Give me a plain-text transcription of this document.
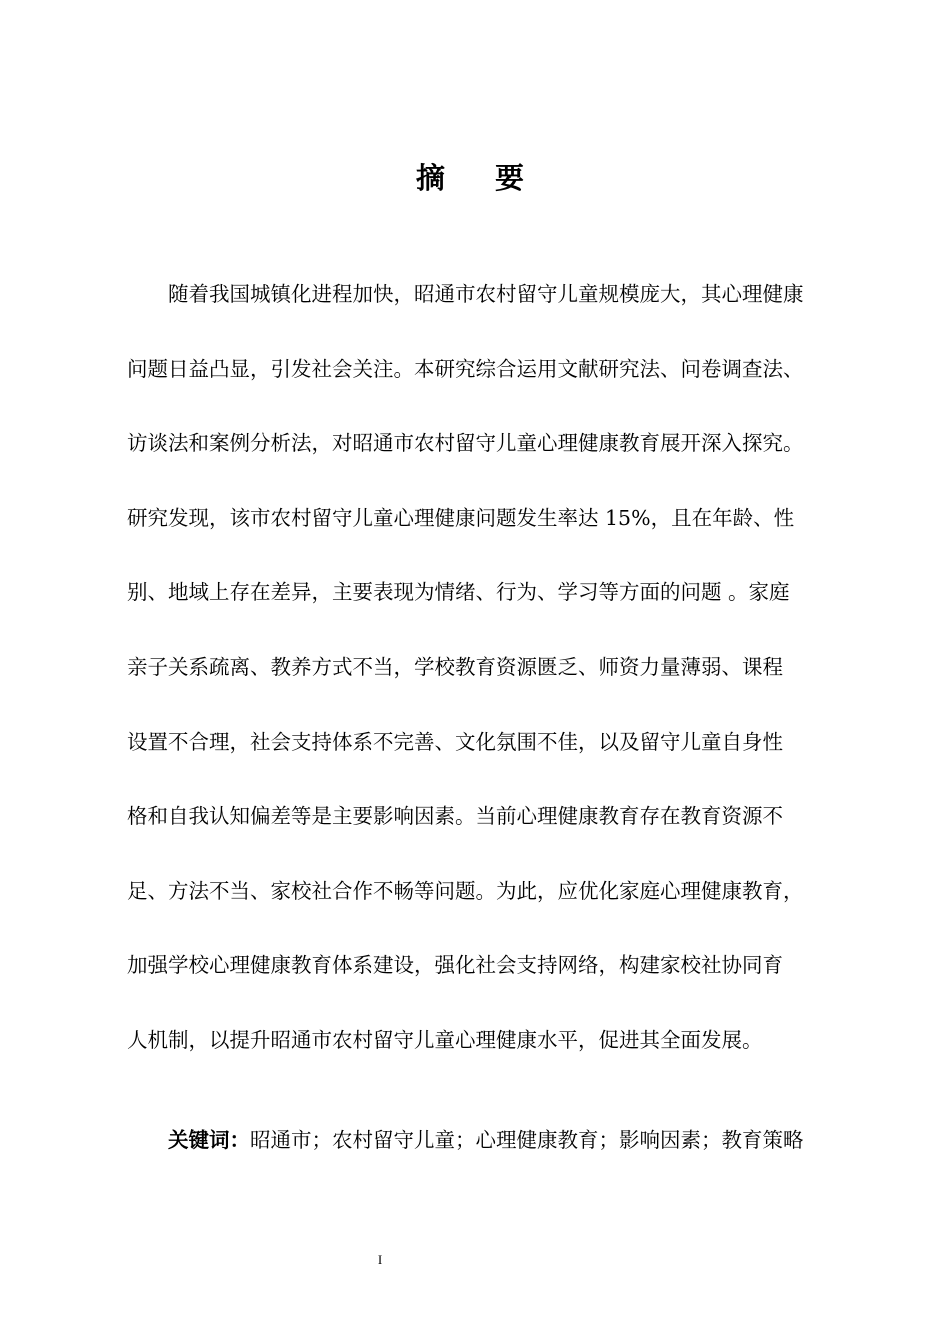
摘要
随着我国城镇化进程加快，昭通市农村留守儿童规模庞大，其心理健康
问题日益凸显，引发社会关注。本研究综合运用文献研究法、问卷调查法、
访谈法和案例分析法，对昭通市农村留守儿童心理健康教育展开深入探究。
研究发现，该市农村留守儿童心理健康问题发生率达 15%，且在年龄、性
别、地域上存在差异，主要表现为情绪、行为、学习等方面的问题 。家庭
亲子关系疏离、教养方式不当，学校教育资源匮乏、师资力量薄弱、课程
设置不合理，社会支持体系不完善、文化氛围不佳，以及留守儿童自身性
格和自我认知偏差等是主要影响因素。当前心理健康教育存在教育资源不
足、方法不当、家校社合作不畅等问题。为此，应优化家庭心理健康教育，
加强学校心理健康教育体系建设，强化社会支持网络，构建家校社协同育
人机制，以提升昭通市农村留守儿童心理健康水平，促进其全面发展。
关键词：昭通市；农村留守儿童；心理健康教育；影响因素；教育策略
I
